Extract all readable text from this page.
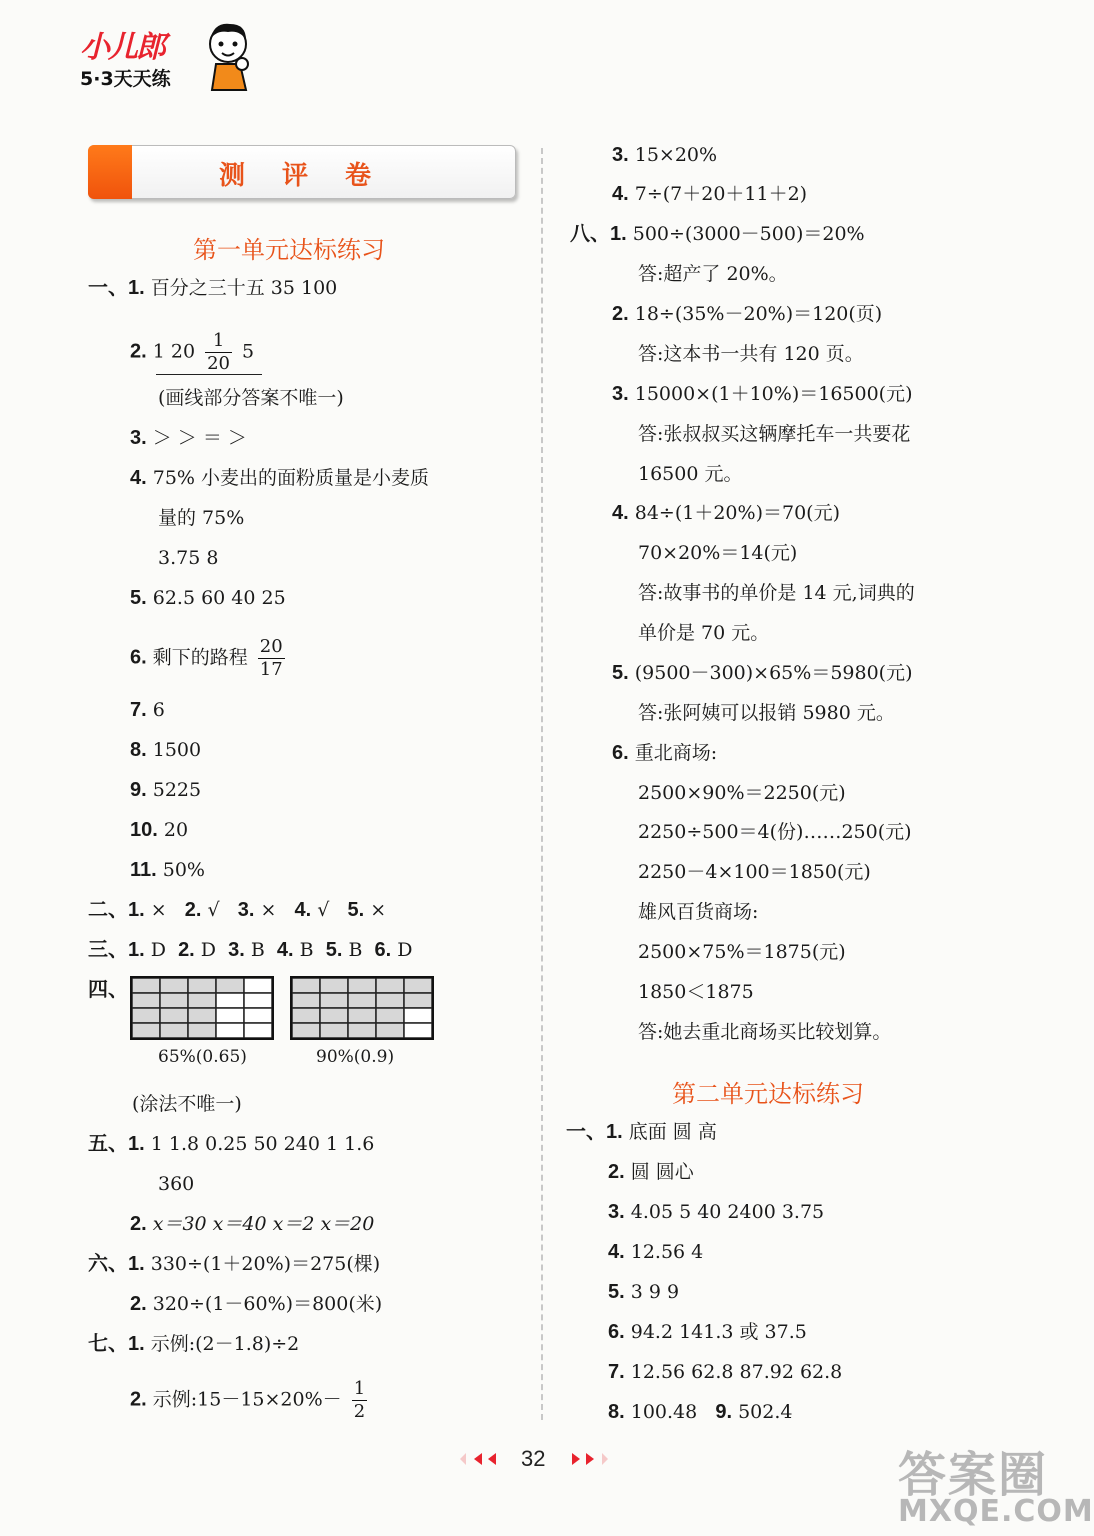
小儿郎
5·3天天练
测 评 卷
第一单元达标练习
一、1. 百分之三十五 35 100
2. 1 $20 \frac{1}{20} 5$
(画线部分答案不唯一)
3. ＞ ＞ ＝ ＞
4. 75% 小麦出的面粉质量是小麦质
量的 75%
3.75 8
5. 62.5 60 40 25
6. 剩下的路程 $\frac{20}{17}$
7. 6
8. 1500
9. 5225
10. 20
11. 50%
二、1. × 2. √ 3. × 4. √ 5. ×
三、1. D 2. D 3. B 4. B 5. B 6. D
四、
65%(0.65)	90%(0.9)
(涂法不唯一)
五、1. 1 1.8 0.25 50 240 1 1.6
360
2. x＝30 x＝40 x＝2 x＝20
六、1. 330÷(1＋20%)＝275(棵)
2. 320÷(1－60%)＝800(米)
七、1. 示例:(2－1.8)÷2
2. 示例:15－15×20%－ $\frac{1}{2}$
3. 15×20%
4. 7÷(7＋20＋11＋2)
八、1. 500÷(3000－500)＝20%
答:超产了 20%。
2. 18÷(35%－20%)＝120(页)
答:这本书一共有 120 页。
3. 15000×(1＋10%)＝16500(元)
答:张叔叔买这辆摩托车一共要花
16500 元。
4. 84÷(1＋20%)＝70(元)
70×20%＝14(元)
答:故事书的单价是 14 元,词典的
单价是 70 元。
5. (9500－300)×65%＝5980(元)
答:张阿姨可以报销 5980 元。
6. 重北商场:
2500×90%＝2250(元)
2250÷500＝4(份)……250(元)
2250－4×100＝1850(元)
雄风百货商场:
2500×75%＝1875(元)
1850＜1875
答:她去重北商场买比较划算。
第二单元达标练习
一、1. 底面 圆 高
2. 圆 圆心
3. 4.05 5 40 2400 3.75
4. 12.56 4
5. 3 9 9
6. 94.2 141.3 或 37.5
7. 12.56 62.8 87.92 62.8
8. 100.48 9. 502.4
32	答案圈
MXQE.COM
